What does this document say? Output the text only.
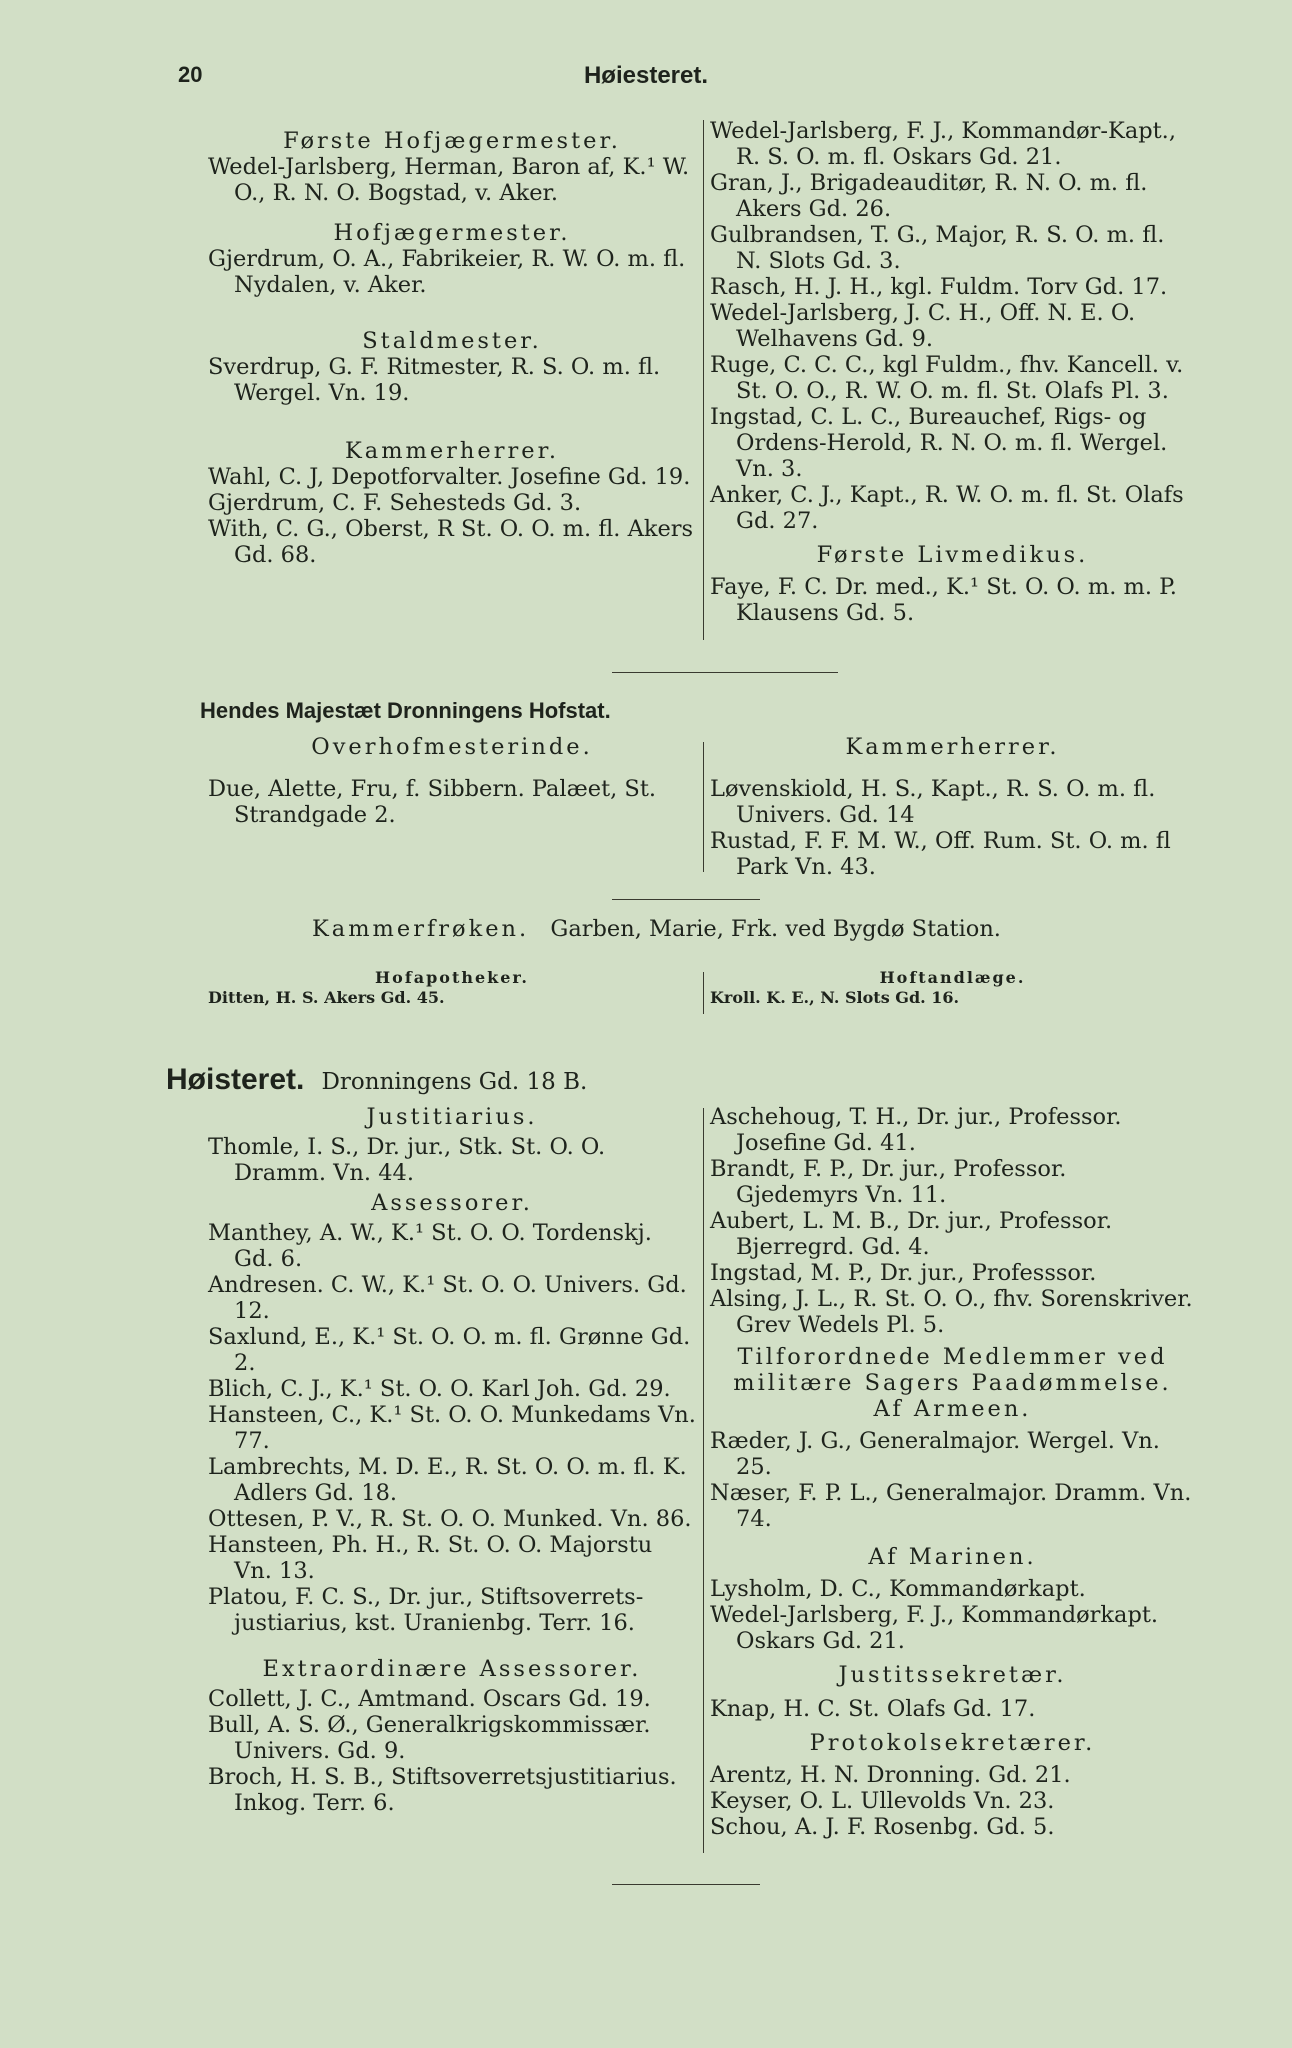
20	Høiesteret.

Første Hofjægermester.

Wedel-Jarlsberg, Herman, Baron af, K.¹ W. O., R. N. O. Bogstad, v. Aker.

Hofjægermester.

Gjerdrum, O. A., Fabrikeier, R. W. O. m. fl. Nydalen, v. Aker.

Staldmester.

Sverdrup, G. F. Ritmester, R. S. O. m. fl. Wergel. Vn. 19.

Kammerherrer.

Wahl, C. J, Depotforvalter. Josefine Gd. 19.

Gjerdrum, C. F. Sehesteds Gd. 3.

With, C. G., Oberst, R St. O. O. m. fl. Akers Gd. 68.

Wedel-Jarlsberg, F. J., Kommandør-Kapt., R. S. O. m. fl. Oskars Gd. 21.

Gran, J., Brigadeauditør, R. N. O. m. fl. Akers Gd. 26.

Gulbrandsen, T. G., Major, R. S. O. m. fl. N. Slots Gd. 3.

Rasch, H. J. H., kgl. Fuldm. Torv Gd. 17.

Wedel-Jarlsberg, J. C. H., Off. N. E. O. Welhavens Gd. 9.

Ruge, C. C. C., kgl Fuldm., fhv. Kancell. v. St. O. O., R. W. O. m. fl. St. Olafs Pl. 3.

Ingstad, C. L. C., Bureauchef, Rigs- og Ordens-Herold, R. N. O. m. fl. Wergel. Vn. 3.

Anker, C. J., Kapt., R. W. O. m. fl. St. Olafs Gd. 27.

Første Livmedikus.

Faye, F. C. Dr. med., K.¹ St. O. O. m. m. P. Klausens Gd. 5.

Hendes Majestæt Dronningens Hofstat.

Overhofmesterinde.

Due, Alette, Fru, f. Sibbern. Palæet, St. Strandgade 2.

Kammerherrer.

Løvenskiold, H. S., Kapt., R. S. O. m. fl. Univers. Gd. 14

Rustad, F. F. M. W., Off. Rum. St. O. m. fl Park Vn. 43.

Kammerfrøken. Garben, Marie, Frk. ved Bygdø Station.

Hofapotheker.

Ditten, H. S. Akers Gd. 45.

Hoftandlæge.

Kroll. K. E., N. Slots Gd. 16.

Høisteret. Dronningens Gd. 18 B.

Justitiarius.

Thomle, I. S., Dr. jur., Stk. St. O. O. Dramm. Vn. 44.

Assessorer.

Manthey, A. W., K.¹ St. O. O. Tordenskj. Gd. 6.

Andresen. C. W., K.¹ St. O. O. Univers. Gd. 12.

Saxlund, E., K.¹ St. O. O. m. fl. Grønne Gd. 2.

Blich, C. J., K.¹ St. O. O. Karl Joh. Gd. 29.

Hansteen, C., K.¹ St. O. O. Munkedams Vn. 77.

Lambrechts, M. D. E., R. St. O. O. m. fl. K. Adlers Gd. 18.

Ottesen, P. V., R. St. O. O. Munked. Vn. 86.

Hansteen, Ph. H., R. St. O. O. Majorstu Vn. 13.

Platou, F. C. S., Dr. jur., Stiftsoverrets-justiarius, kst. Uranienbg. Terr. 16.

Extraordinære Assessorer.

Collett, J. C., Amtmand. Oscars Gd. 19.

Bull, A. S. Ø., Generalkrigskommissær. Univers. Gd. 9.

Broch, H. S. B., Stiftsoverretsjustitiarius. Inkog. Terr. 6.

Aschehoug, T. H., Dr. jur., Professor. Josefine Gd. 41.

Brandt, F. P., Dr. jur., Professor. Gjedemyrs Vn. 11.

Aubert, L. M. B., Dr. jur., Professor. Bjerregrd. Gd. 4.

Ingstad, M. P., Dr. jur., Professsor.

Alsing, J. L., R. St. O. O., fhv. Sorenskriver. Grev Wedels Pl. 5.

Tilforordnede Medlemmer ved militære Sagers Paadømmelse.

Af Armeen.

Ræder, J. G., Generalmajor. Wergel. Vn. 25.

Næser, F. P. L., Generalmajor. Dramm. Vn. 74.

Af Marinen.

Lysholm, D. C., Kommandørkapt.

Wedel-Jarlsberg, F. J., Kommandørkapt. Oskars Gd. 21.

Justitssekretær.

Knap, H. C. St. Olafs Gd. 17.

Protokolsekretærer.

Arentz, H. N. Dronning. Gd. 21.

Keyser, O. L. Ullevolds Vn. 23.

Schou, A. J. F. Rosenbg. Gd. 5.
